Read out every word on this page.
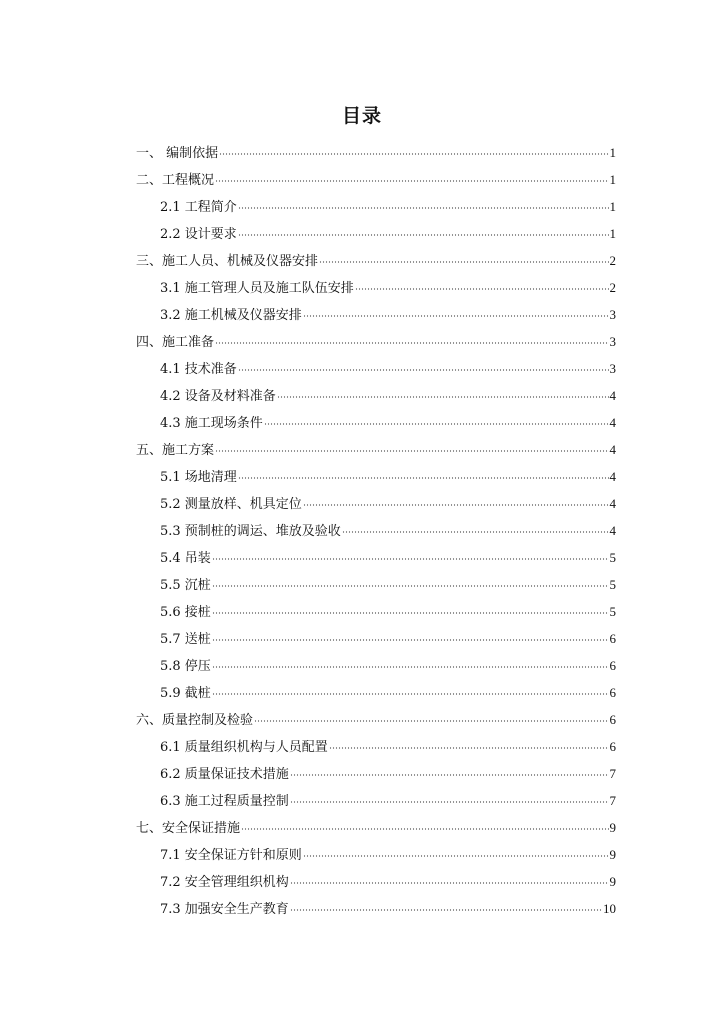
目录
一、 编制依据	1
二、工程概况	1
2.1 工程简介	1
2.2 设计要求	1
三、施工人员、机械及仪器安排	2
3.1 施工管理人员及施工队伍安排	2
3.2 施工机械及仪器安排	3
四、施工准备	3
4.1 技术准备	3
4.2 设备及材料准备	4
4.3 施工现场条件	4
五、施工方案	4
5.1 场地清理	4
5.2 测量放样、机具定位	4
5.3 预制桩的调运、堆放及验收	4
5.4 吊装	5
5.5 沉桩	5
5.6 接桩	5
5.7 送桩	6
5.8 停压	6
5.9 截桩	6
六、质量控制及检验	6
6.1 质量组织机构与人员配置	6
6.2 质量保证技术措施	7
6.3 施工过程质量控制	7
七、安全保证措施	9
7.1 安全保证方针和原则	9
7.2 安全管理组织机构	9
7.3 加强安全生产教育	10
